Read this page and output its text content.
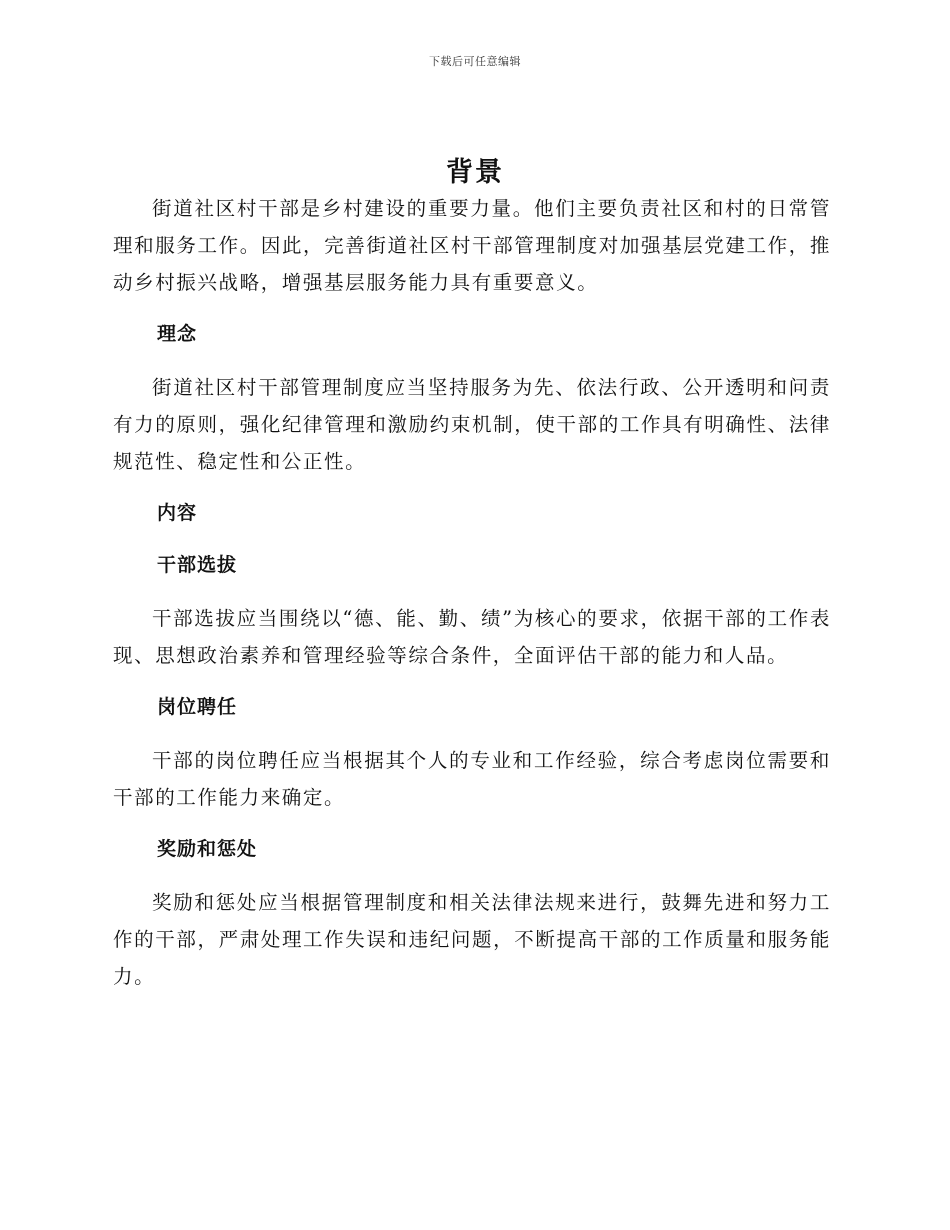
下载后可任意编辑
背景

街道社区村干部是乡村建设的重要力量。他们主要负责社区和村的日常管理和服务工作。因此，完善街道社区村干部管理制度对加强基层党建工作，推动乡村振兴战略，增强基层服务能力具有重要意义。

理念

街道社区村干部管理制度应当坚持服务为先、依法行政、公开透明和问责有力的原则，强化纪律管理和激励约束机制，使干部的工作具有明确性、法律规范性、稳定性和公正性。

内容
干部选拔

干部选拔应当围绕以“德、能、勤、绩”为核心的要求，依据干部的工作表现、思想政治素养和管理经验等综合条件，全面评估干部的能力和人品。

岗位聘任

干部的岗位聘任应当根据其个人的专业和工作经验，综合考虑岗位需要和干部的工作能力来确定。

奖励和惩处

奖励和惩处应当根据管理制度和相关法律法规来进行，鼓舞先进和努力工作的干部，严肃处理工作失误和违纪问题，不断提高干部的工作质量和服务能力。
